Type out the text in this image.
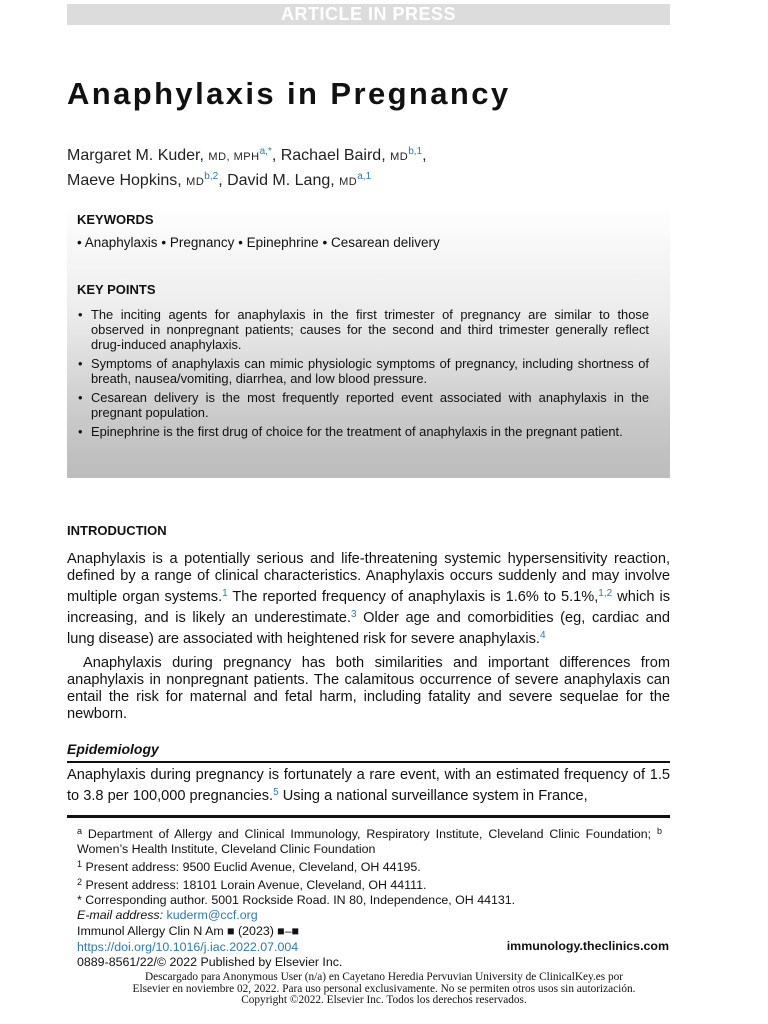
ARTICLE IN PRESS
Anaphylaxis in Pregnancy
Margaret M. Kuder, MD, $MPH^{a,*}$, Rachael Baird, MD$^{b,1}$,
Maeve Hopkins, MD$^{b,2}$, David M. Lang, MD$^{a,1}$
KEYWORDS
• Anaphylaxis • Pregnancy • Epinephrine • Cesarean delivery
KEY POINTS
• The inciting agents for anaphylaxis in the first trimester of pregnancy are similar to those observed in nonpregnant patients; causes for the second and third trimester generally reflect drug-induced anaphylaxis.
• Symptoms of anaphylaxis can mimic physiologic symptoms of pregnancy, including shortness of breath, nausea/vomiting, diarrhea, and low blood pressure.
• Cesarean delivery is the most frequently reported event associated with anaphylaxis in the pregnant population.
• Epinephrine is the first drug of choice for the treatment of anaphylaxis in the pregnant patient.
INTRODUCTION

Anaphylaxis is a potentially serious and life-threatening systemic hypersensitivity reaction, defined by a range of clinical characteristics. Anaphylaxis occurs suddenly and may involve multiple organ systems.$^1$ The reported frequency of anaphylaxis is 1.6% to 5.1%,$^{1,2}$ which is increasing, and is likely an underestimate.$^3$ Older age and comorbidities (eg, cardiac and lung disease) are associated with heightened risk for severe anaphylaxis.$^4$

Anaphylaxis during pregnancy has both similarities and important differences from anaphylaxis in nonpregnant patients. The calamitous occurrence of severe anaphylaxis can entail the risk for maternal and fetal harm, including fatality and severe sequelae for the newborn.

Epidemiology

Anaphylaxis during pregnancy is fortunately a rare event, with an estimated frequency of 1.5 to 3.8 per 100,000 pregnancies.$^5$ Using a national surveillance system in France,

$^a$ Department of Allergy and Clinical Immunology, Respiratory Institute, Cleveland Clinic Foundation; $^b$ Women’s Health Institute, Cleveland Clinic Foundation

$^1$ Present address: 9500 Euclid Avenue, Cleveland, OH 44195.

$^2$ Present address: 18101 Lorain Avenue, Cleveland, OH 44111.

* Corresponding author. 5001 Rockside Road. IN 80, Independence, OH 44131.

E-mail address: kuderm@ccf.org

Immunol Allergy Clin N Am ■ (2023) ■–■
https://doi.org/10.1016/j.iac.2022.07.004
0889-8561/22/© 2022 Published by Elsevier Inc.
immunology.theclinics.com
Descargado para Anonymous User (n/a) en Cayetano Heredia Pervuvian University de ClinicalKey.es por Elsevier en noviembre 02, 2022. Para uso personal exclusivamente. No se permiten otros usos sin autorización. Copyright ©2022. Elsevier Inc. Todos los derechos reservados.
